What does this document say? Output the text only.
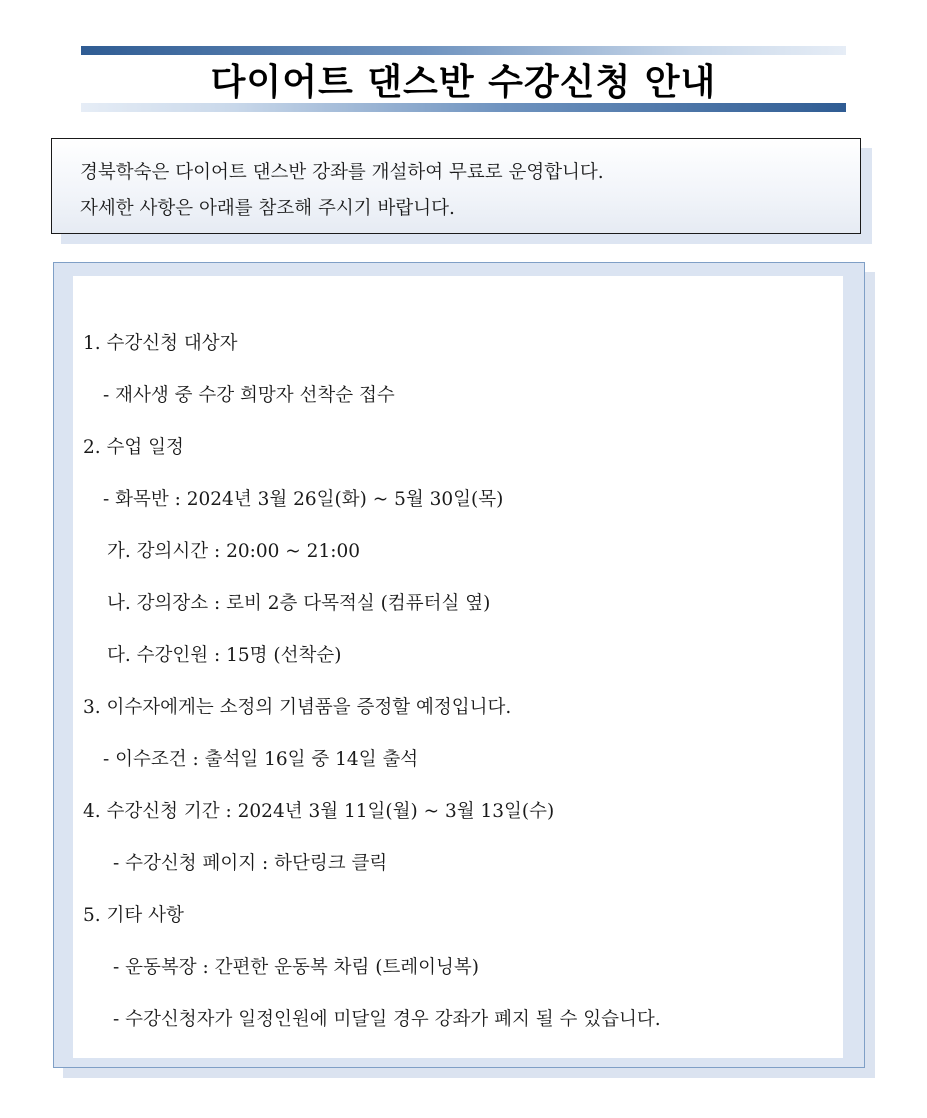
다이어트 댄스반 수강신청 안내
경북학숙은 다이어트 댄스반 강좌를 개설하여 무료로 운영합니다.
자세한 사항은 아래를 참조해 주시기 바랍니다.
1. 수강신청 대상자
- 재사생 중 수강 희망자 선착순 접수
2. 수업 일정
- 화목반 : 2024년 3월 26일(화) ~ 5월 30일(목)
가. 강의시간 : 20:00 ~ 21:00
나. 강의장소 : 로비 2층 다목적실 (컴퓨터실 옆)
다. 수강인원 : 15명 (선착순)
3. 이수자에게는 소정의 기념품을 증정할 예정입니다.
- 이수조건 : 출석일 16일 중 14일 출석
4. 수강신청 기간 : 2024년 3월 11일(월) ~ 3월 13일(수)
- 수강신청 페이지 : 하단링크 클릭
5. 기타 사항
- 운동복장 : 간편한 운동복 차림 (트레이닝복)
- 수강신청자가 일정인원에 미달일 경우 강좌가 폐지 될 수 있습니다.
